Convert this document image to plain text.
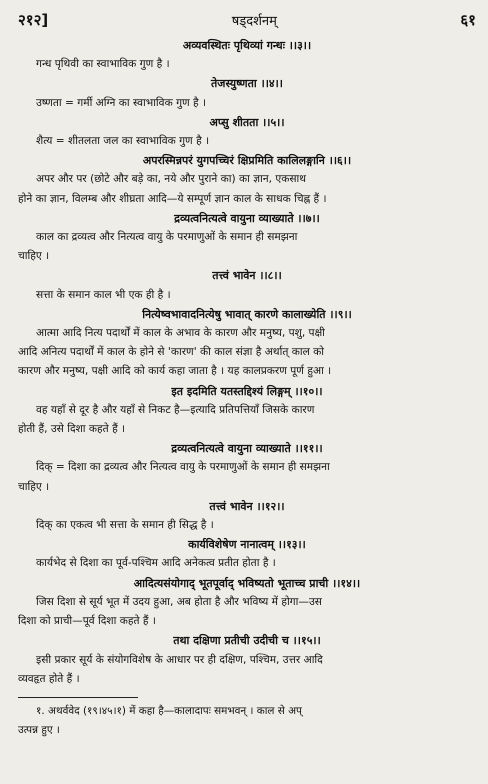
२१२]	षड्दर्शनम्	६१
अव्यवस्थितः पृथिव्यां गन्धः ।।३।।
गन्ध पृथिवी का स्वाभाविक गुण है ।
तेजस्युष्णता ।।४।।
उष्णता = गर्मी अग्नि का स्वाभाविक गुण है ।
अप्सु शीतता ।।५।।
शैत्य = शीतलता जल का स्वाभाविक गुण है ।
अपरस्मिन्नपरं युगपच्चिरं क्षिप्रमिति कालिलङ्गानि ।।६।।
अपर और पर (छोटे और बड़े का, नये और पुराने का) का ज्ञान, एकसाथ
होने का ज्ञान, विलम्ब और शीघ्रता आदि—ये सम्पूर्ण ज्ञान काल के साधक चिह्न हैं ।
द्रव्यत्वनित्यत्वे वायुना व्याख्याते ।।७।।
काल का द्रव्यत्व और नित्यत्व वायु के परमाणुओं के समान ही समझना
चाहिए ।
तत्त्वं भावेन ।।८।।
सत्ता के समान काल भी एक ही है ।
नित्येष्वभावादनित्येषु भावात् कारणे कालाख्येति ।।९।।
आत्मा आदि नित्य पदार्थों में काल के अभाव के कारण और मनुष्य, पशु, पक्षी
आदि अनित्य पदार्थों में काल के होने से 'कारण' की काल संज्ञा है अर्थात् काल को
कारण और मनुष्य, पक्षी आदि को कार्य कहा जाता है । यह कालप्रकरण पूर्ण हुआ ।
इत इदमिति यतस्तद्दिश्यं लिङ्गम् ।।१०।।
वह यहाँ से दूर है और यहाँ से निकट है—इत्यादि प्रतिपत्तियाँ जिसके कारण
होती हैं, उसे दिशा कहते हैं ।
द्रव्यत्वनित्यत्वे वायुना व्याख्याते ।।११।।
दिक् = दिशा का द्रव्यत्व और नित्यत्व वायु के परमाणुओं के समान ही समझना
चाहिए ।
तत्त्वं भावेन ।।१२।।
दिक् का एकत्व भी सत्ता के समान ही सिद्ध है ।
कार्यविशेषेण नानात्वम् ।।१३।।
कार्यभेद से दिशा का पूर्व-पश्चिम आदि अनेकत्व प्रतीत होता है ।
आदित्यसंयोगाद् भूतपूर्वाद् भविष्यतो भूताच्च प्राची ।।१४।।
जिस दिशा से सूर्य भूत में उदय हुआ, अब होता है और भविष्य में होगा—उस
दिशा को प्राची—पूर्व दिशा कहते हैं ।
तथा दक्षिणा प्रतीची उदीची च ।।१५।।
इसी प्रकार सूर्य के संयोगविशेष के आधार पर ही दक्षिण, पश्चिम, उत्तर आदि
व्यवहृत होते हैं ।
१. अथर्ववेद (१९।४५।१) में कहा है—कालादापः समभवन् । काल से अप्
उत्पन्न हुए ।
